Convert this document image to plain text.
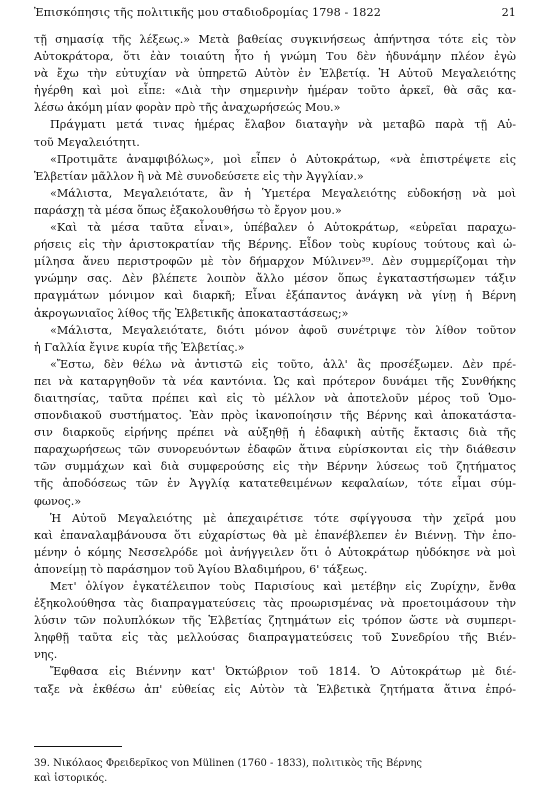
Ἐπισκόπησις τῆς πολιτικῆς μου σταδιοδρομίας 1798 - 1822	21
τῇ σημασίᾳ τῆς λέξεως.» Μετὰ βαθείας συγκινήσεως ἀπήντησα τότε εἰς τὸν
Αὐτοκράτορα, ὅτι ἐὰν τοιαύτη ἦτο ἡ γνώμη Του δὲν ἠδυνάμην πλέον ἐγὼ
νὰ ἔχω τὴν εὐτυχίαν νὰ ὑπηρετῶ Αὐτὸν ἐν Ἑλβετίᾳ. Ἡ Αὐτοῦ Μεγαλειότης
ἠγέρθη καὶ μοὶ εἶπε: «Διὰ τὴν σημερινὴν ἡμέραν τοῦτο ἀρκεῖ, θὰ σᾶς κα-
λέσω ἀκόμη μίαν φορὰν πρὸ τῆς ἀναχωρήσεώς Μου.»
Πράγματι μετά τινας ἡμέρας ἔλαβον διαταγὴν νὰ μεταβῶ παρὰ τῇ Αὐ-
τοῦ Μεγαλειότητι.
«Προτιμᾶτε ἀναμφιβόλως», μοὶ εἶπεν ὁ Αὐτοκράτωρ, «νὰ ἐπιστρέψετε εἰς
Ἑλβετίαν μᾶλλον ἢ νὰ Μὲ συνοδεύσετε εἰς τὴν Ἀγγλίαν.»
«Μάλιστα, Μεγαλειότατε, ἂν ἡ Ὑμετέρα Μεγαλειότης εὐδοκήσῃ νὰ μοὶ
παράσχῃ τὰ μέσα ὅπως ἐξακολουθήσω τὸ ἔργον μου.»
«Καὶ τὰ μέσα ταῦτα εἶναι», ὑπέβαλεν ὁ Αὐτοκράτωρ, «εὑρεῖαι παραχω-
ρήσεις εἰς τὴν ἀριστοκρατίαν τῆς Βέρνης. Εἶδον τοὺς κυρίους τούτους καὶ ὡ-
μίλησα ἄνευ περιστροφῶν μὲ τὸν δήμαρχον Μύλινεν³⁹. Δὲν συμμερίζομαι τὴν
γνώμην σας. Δὲν βλέπετε λοιπὸν ἄλλο μέσον ὅπως ἐγκαταστήσωμεν τάξιν
πραγμάτων μόνιμον καὶ διαρκῆ; Εἶναι ἐξάπαντος ἀνάγκη νὰ γίνῃ ἡ Βέρνη
ἀκρογωνιαῖος λίθος τῆς Ἑλβετικῆς ἀποκαταστάσεως;»
«Μάλιστα, Μεγαλειότατε, διότι μόνον ἀφοῦ συνέτριψε τὸν λίθον τοῦτον
ἡ Γαλλία ἔγινε κυρία τῆς Ἑλβετίας.»
«Ἔστω, δὲν θέλω νὰ ἀντιστῶ εἰς τοῦτο, ἀλλ' ἂς προσέξωμεν. Δὲν πρέ-
πει νὰ καταργηθοῦν τὰ νέα καντόνια. Ὡς καὶ πρότερον δυνάμει τῆς Συνθήκης
διαιτησίας, ταῦτα πρέπει καὶ εἰς τὸ μέλλον νὰ ἀποτελοῦν μέρος τοῦ Ὁμο-
σπονδιακοῦ συστήματος. Ἐὰν πρὸς ἱκανοποίησιν τῆς Βέρνης καὶ ἀποκατάστα-
σιν διαρκοῦς εἰρήνης πρέπει νὰ αὐξηθῇ ἡ ἐδαφικὴ αὐτῆς ἔκτασις διὰ τῆς
παραχωρήσεως τῶν συνορευόντων ἐδαφῶν ἅτινα εὑρίσκονται εἰς τὴν διάθεσιν
τῶν συμμάχων καὶ διὰ συμφερούσης εἰς τὴν Βέρνην λύσεως τοῦ ζητήματος
τῆς ἀποδόσεως τῶν ἐν Ἀγγλίᾳ κατατεθειμένων κεφαλαίων, τότε εἶμαι σύμ-
φωνος.»
Ἡ Αὐτοῦ Μεγαλειότης μὲ ἀπεχαιρέτισε τότε σφίγγουσα τὴν χεῖρά μου
καὶ ἐπαναλαμβάνουσα ὅτι εὐχαρίστως θὰ μὲ ἐπανέβλεπεν ἐν Βιέννῃ. Τὴν ἑπο-
μένην ὁ κόμης Νεσσελρόδε μοὶ ἀνήγγειλεν ὅτι ὁ Αὐτοκράτωρ ηὐδόκησε νὰ μοὶ
ἀπονείμῃ τὸ παράσημον τοῦ Ἁγίου Βλαδιμήρου, 6' τάξεως.
Μετ' ὀλίγον ἐγκατέλειπον τοὺς Παρισίους καὶ μετέβην εἰς Ζυρίχην, ἔνθα
ἐξηκολούθησα τὰς διαπραγματεύσεις τὰς προωρισμένας νὰ προετοιμάσουν τὴν
λύσιν τῶν πολυπλόκων τῆς Ἑλβετίας ζητημάτων εἰς τρόπον ὥστε νὰ συμπερι-
ληφθῇ ταῦτα εἰς τὰς μελλούσας διαπραγματεύσεις τοῦ Συνεδρίου τῆς Βιέν-
νης.
Ἔφθασα εἰς Βιέννην κατ' Ὀκτώβριον τοῦ 1814. Ὁ Αὐτοκράτωρ μὲ διέ-
ταξε νὰ ἐκθέσω ἀπ' εὐθείας εἰς Αὐτὸν τὰ Ἑλβετικὰ ζητήματα ἅτινα ἐπρό-
39. Νικόλαος Φρειδερῖκος von Mülinen (1760 - 1833), πολιτικὸς τῆς Βέρνης
καὶ ἱστορικός.
